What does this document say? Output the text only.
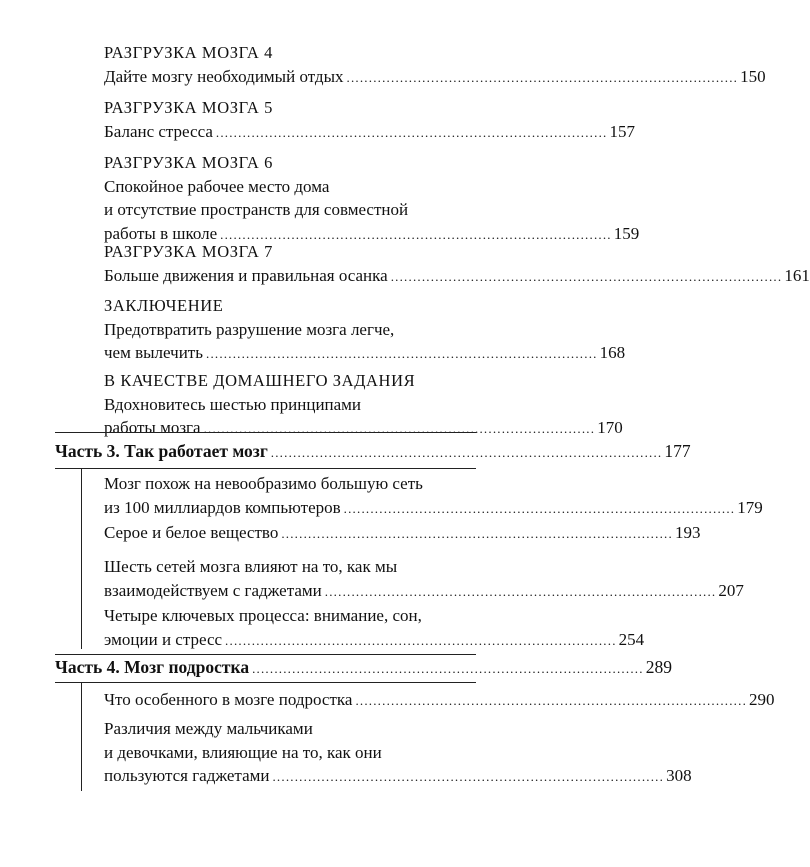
РАЗГРУЗКА МОЗГА 4
Дайте мозгу необходимый отдых ........................................................................................ 150
РАЗГРУЗКА МОЗГА 5
Баланс стресса ........................................................................................ 157
РАЗГРУЗКА МОЗГА 6
Спокойное рабочее место дома
и отсутствие пространств для совместной
работы в школе ........................................................................................ 159
РАЗГРУЗКА МОЗГА 7
Больше движения и правильная осанка ........................................................................................ 161
ЗАКЛЮЧЕНИЕ
Предотвратить разрушение мозга легче,
чем вылечить ........................................................................................ 168
В КАЧЕСТВЕ ДОМАШНЕГО ЗАДАНИЯ
Вдохновитесь шестью принципами
работы мозга ........................................................................................ 170
Часть 3. Так работает мозг ........................................................................................ 177
Мозг похож на невообразимо большую сеть
из 100 миллиардов компьютеров ........................................................................................ 179
Серое и белое вещество ........................................................................................ 193
Шесть сетей мозга влияют на то, как мы
взаимодействуем с гаджетами ........................................................................................ 207
Четыре ключевых процесса: внимание, сон,
эмоции и стресс ........................................................................................ 254
Часть 4. Мозг подростка ........................................................................................ 289
Что особенного в мозге подростка ........................................................................................ 290
Различия между мальчиками
и девочками, влияющие на то, как они
пользуются гаджетами ........................................................................................ 308
